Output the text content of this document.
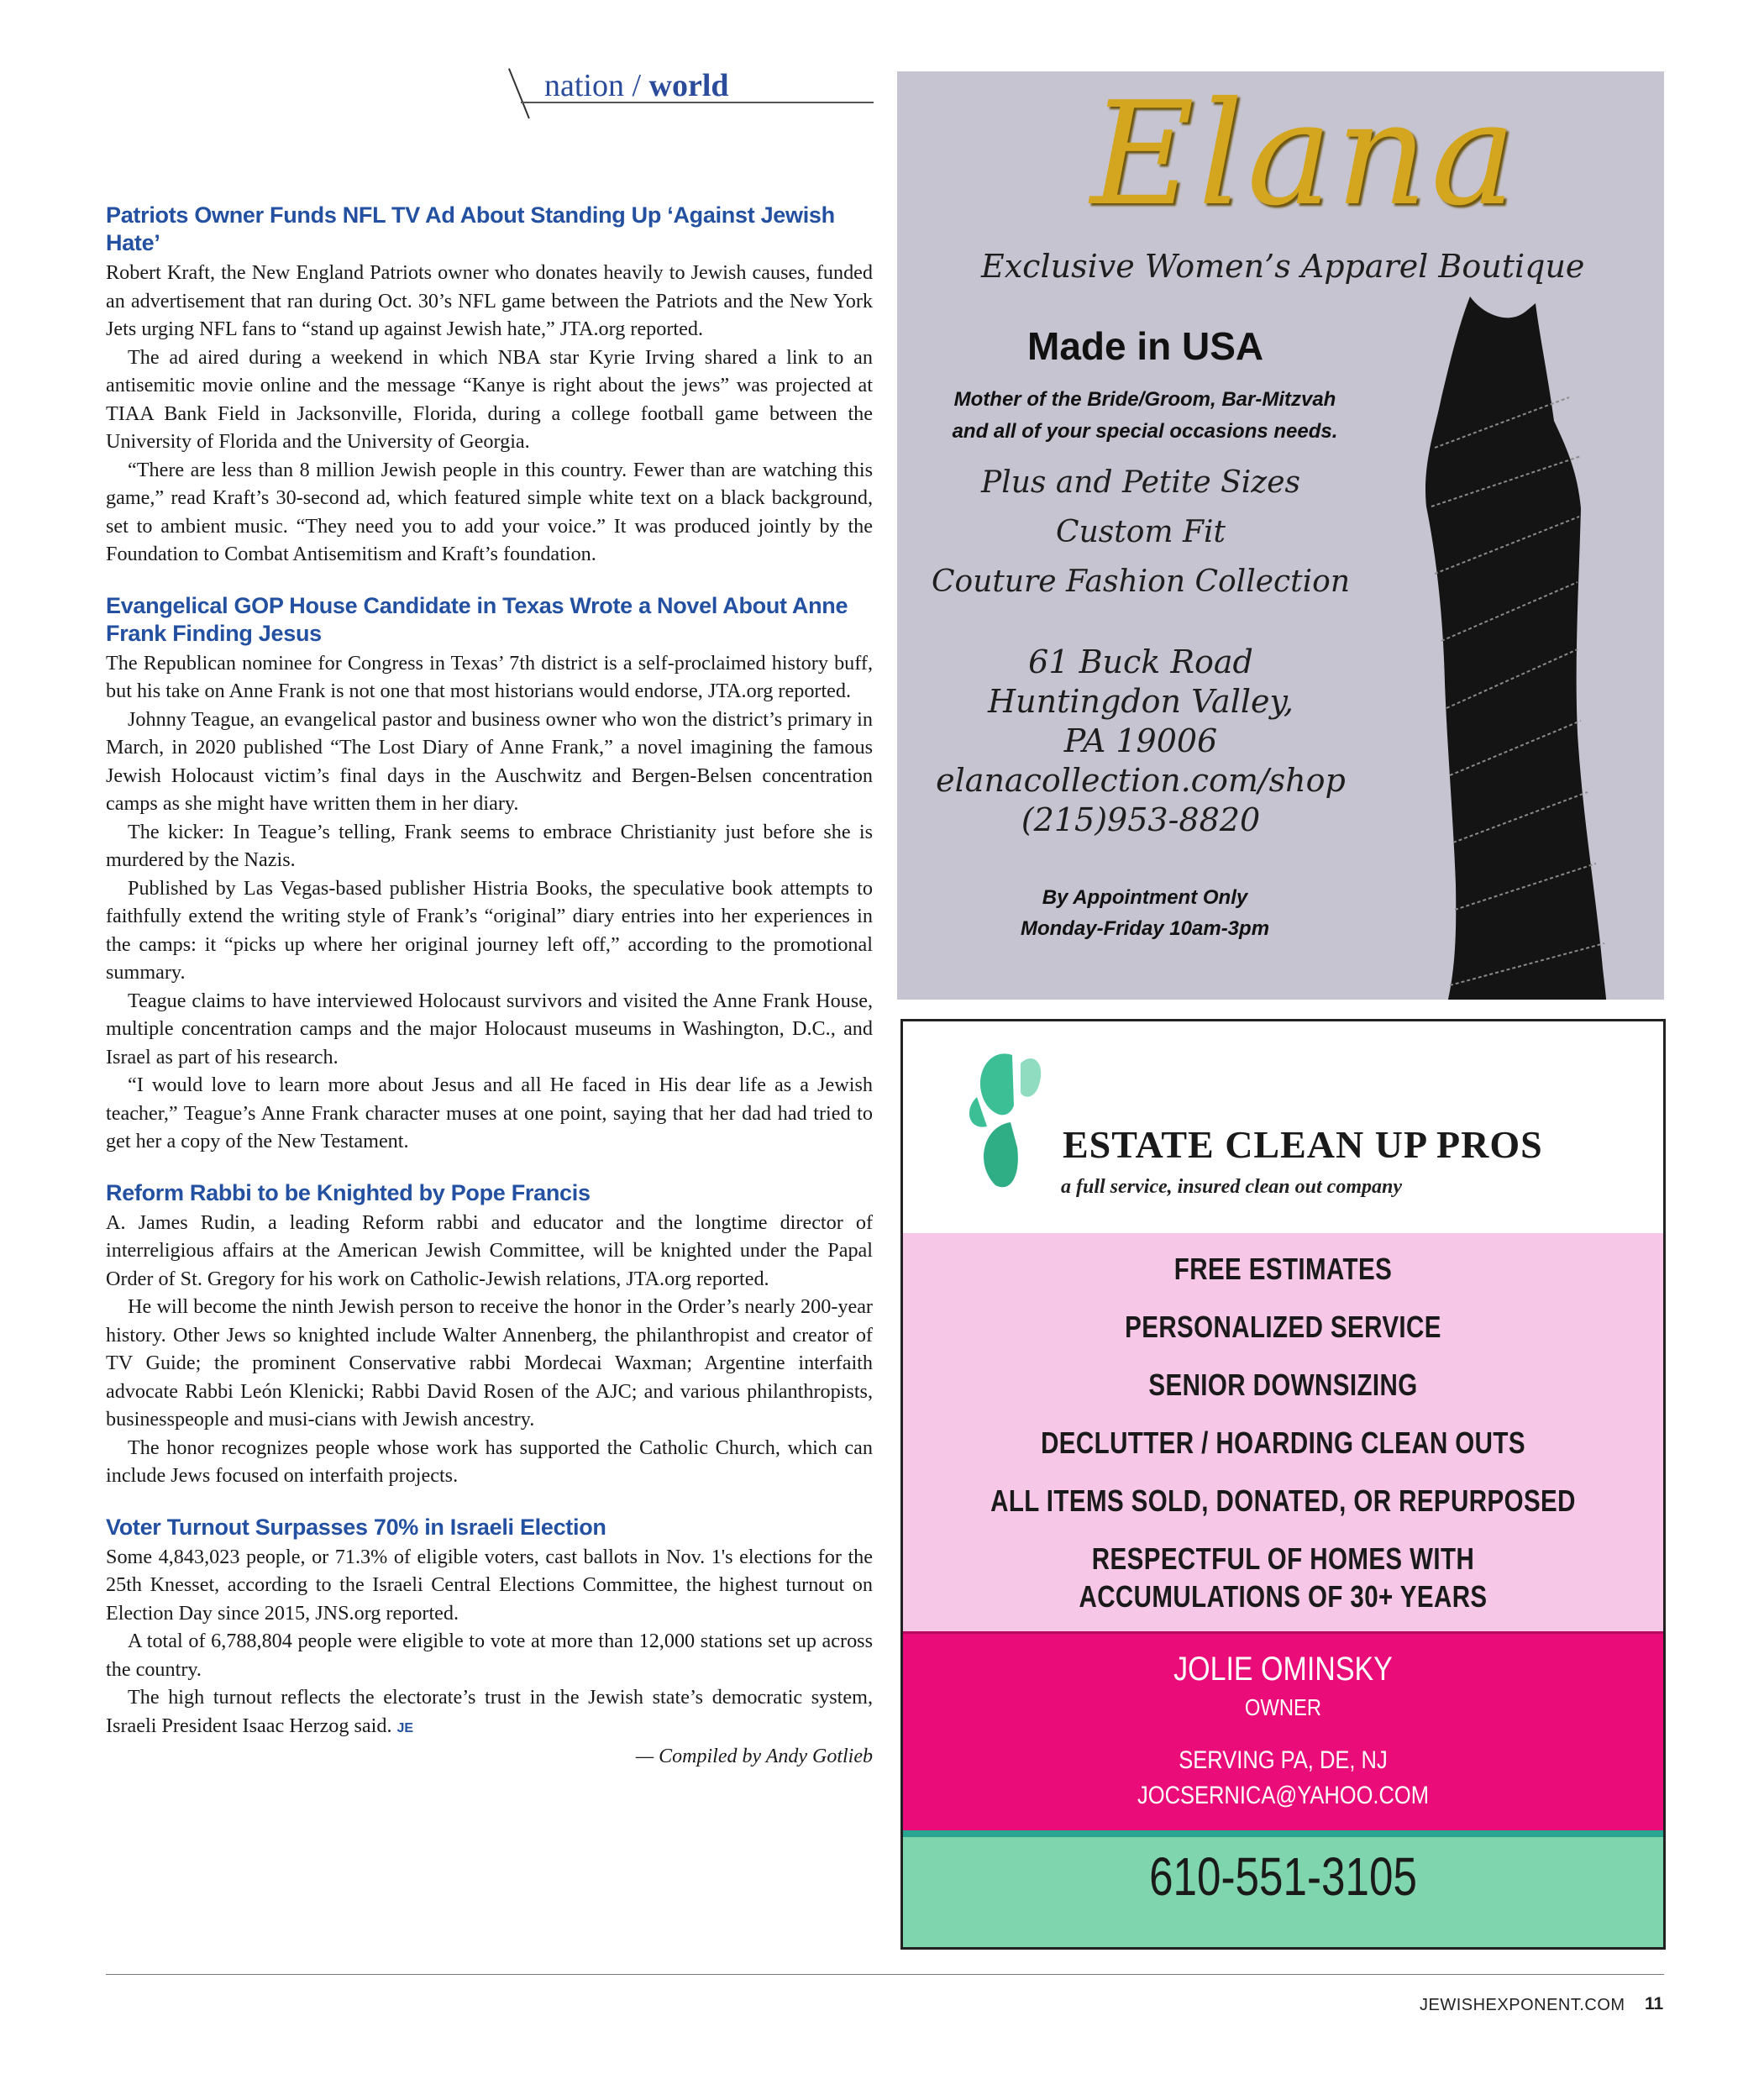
nation / world
Patriots Owner Funds NFL TV Ad About Standing Up ‘Against Jewish Hate’

Robert Kraft, the New England Patriots owner who donates heavily to Jewish causes, funded an advertisement that ran during Oct. 30’s NFL game between the Patriots and the New York Jets urging NFL fans to “stand up against Jewish hate,” JTA.org reported.

The ad aired during a weekend in which NBA star Kyrie Irving shared a link to an antisemitic movie online and the message “Kanye is right about the jews” was projected at TIAA Bank Field in Jacksonville, Florida, during a college football game between the University of Florida and the University of Georgia.

“There are less than 8 million Jewish people in this country. Fewer than are watching this game,” read Kraft’s 30-second ad, which featured simple white text on a black background, set to ambient music. “They need you to add your voice.” It was produced jointly by the Foundation to Combat Antisemitism and Kraft’s foundation.

Evangelical GOP House Candidate in Texas Wrote a Novel About Anne Frank Finding Jesus

The Republican nominee for Congress in Texas’ 7th district is a self-proclaimed history buff, but his take on Anne Frank is not one that most historians would endorse, JTA.org reported.

Johnny Teague, an evangelical pastor and business owner who won the district’s primary in March, in 2020 published “The Lost Diary of Anne Frank,” a novel imagining the famous Jewish Holocaust victim’s final days in the Auschwitz and Bergen-Belsen concentration camps as she might have written them in her diary.

The kicker: In Teague’s telling, Frank seems to embrace Christianity just before she is murdered by the Nazis.

Published by Las Vegas-based publisher Histria Books, the speculative book attempts to faithfully extend the writing style of Frank’s “original” diary entries into her experiences in the camps: it “picks up where her original journey left off,” according to the promotional summary.

Teague claims to have interviewed Holocaust survivors and visited the Anne Frank House, multiple concentration camps and the major Holocaust museums in Washington, D.C., and Israel as part of his research.

“I would love to learn more about Jesus and all He faced in His dear life as a Jewish teacher,” Teague’s Anne Frank character muses at one point, saying that her dad had tried to get her a copy of the New Testament.

Reform Rabbi to be Knighted by Pope Francis

A. James Rudin, a leading Reform rabbi and educator and the longtime director of interreligious affairs at the American Jewish Committee, will be knighted under the Papal Order of St. Gregory for his work on Catholic-Jewish relations, JTA.org reported.

He will become the ninth Jewish person to receive the honor in the Order’s nearly 200-year history. Other Jews so knighted include Walter Annenberg, the philanthropist and creator of TV Guide; the prominent Conservative rabbi Mordecai Waxman; Argentine interfaith advocate Rabbi León Klenicki; Rabbi David Rosen of the AJC; and various philanthropists, businesspeople and musi-cians with Jewish ancestry.

The honor recognizes people whose work has supported the Catholic Church, which can include Jews focused on interfaith projects.

Voter Turnout Surpasses 70% in Israeli Election

Some 4,843,023 people, or 71.3% of eligible voters, cast ballots in Nov. 1's elections for the 25th Knesset, according to the Israeli Central Elections Committee, the highest turnout on Election Day since 2015, JNS.org reported.

A total of 6,788,804 people were eligible to vote at more than 12,000 stations set up across the country.

The high turnout reflects the electorate’s trust in the Jewish state’s democratic system, Israeli President Isaac Herzog said. JE

— Compiled by Andy Gotlieb
Elana
Exclusive Women’s Apparel Boutique
Made in USA
Mother of the Bride/Groom, Bar-Mitzvah
and all of your special occasions needs.
Plus and Petite Sizes
Custom Fit
Couture Fashion Collection
61 Buck Road
Huntingdon Valley,
PA 19006
elanacollection.com/shop
(215)953-8820
By Appointment Only
Monday-Friday 10am-3pm
ESTATE CLEAN UP PROS
a full service, insured clean out company
FREE ESTIMATES
PERSONALIZED SERVICE
SENIOR DOWNSIZING
DECLUTTER / HOARDING CLEAN OUTS
ALL ITEMS SOLD, DONATED, OR REPURPOSED
RESPECTFUL OF HOMES WITH
ACCUMULATIONS OF 30+ YEARS
JOLIE OMINSKY
OWNER
SERVING PA, DE, NJ
JOCSERNICA@YAHOO.COM
610-551-3105
JEWISHEXPONENT.COM 11
